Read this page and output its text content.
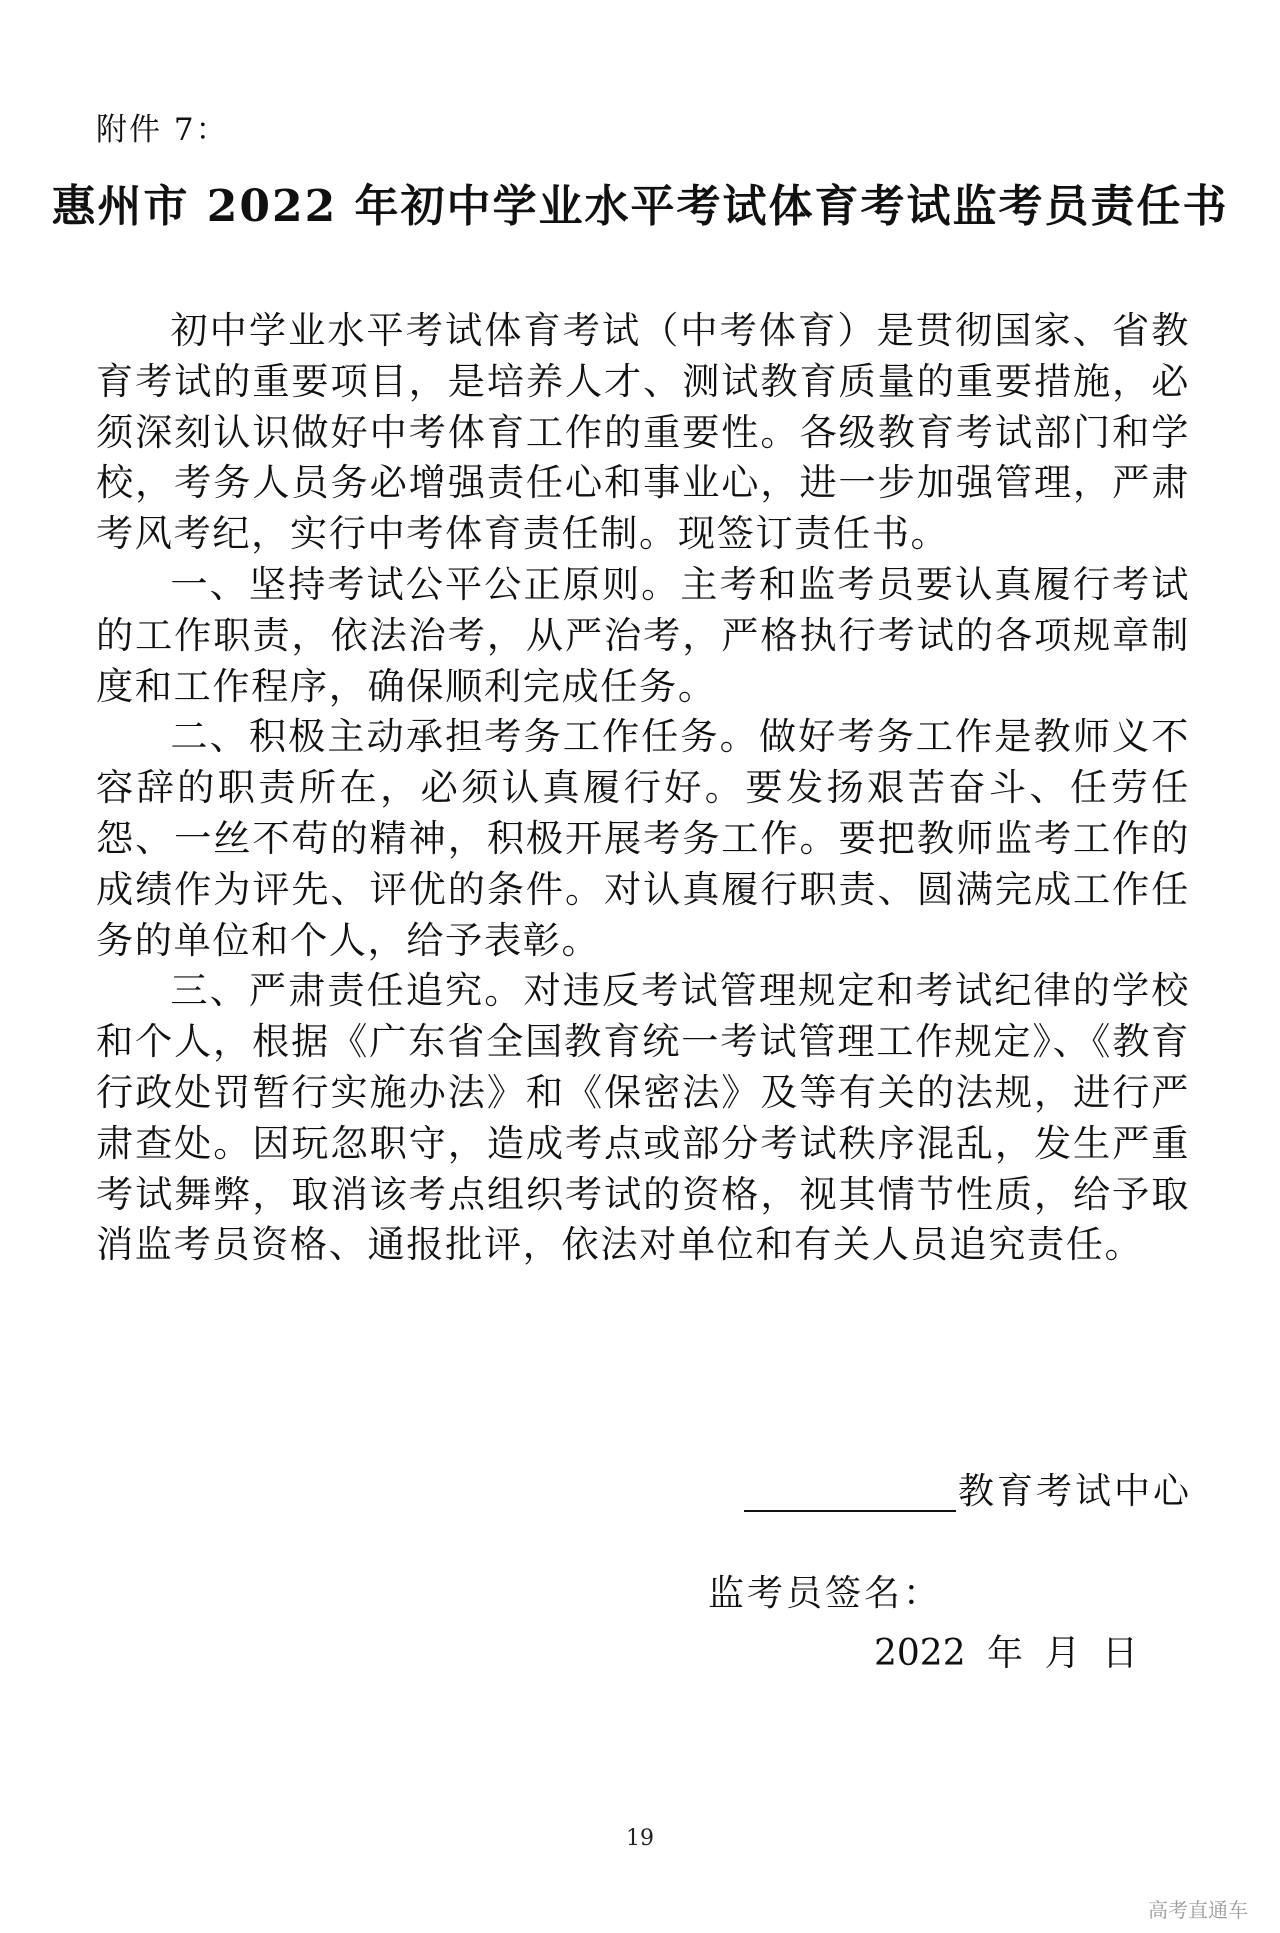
附件 7：
惠州市 2022 年初中学业水平考试体育考试监考员责任书

初中学业水平考试体育考试（中考体育）是贯彻国家、省教育考试的重要项目，是培养人才、测试教育质量的重要措施，必须深刻认识做好中考体育工作的重要性。各级教育考试部门和学校，考务人员务必增强责任心和事业心，进一步加强管理，严肃考风考纪，实行中考体育责任制。现签订责任书。

一、坚持考试公平公正原则。主考和监考员要认真履行考试的工作职责，依法治考，从严治考，严格执行考试的各项规章制度和工作程序，确保顺利完成任务。

二、积极主动承担考务工作任务。做好考务工作是教师义不容辞的职责所在，必须认真履行好。要发扬艰苦奋斗、任劳任怨、一丝不苟的精神，积极开展考务工作。要把教师监考工作的成绩作为评先、评优的条件。对认真履行职责、圆满完成工作任务的单位和个人，给予表彰。

三、严肃责任追究。对违反考试管理规定和考试纪律的学校和个人，根据《广东省全国教育统一考试管理工作规定》、《教育行政处罚暂行实施办法》和《保密法》及等有关的法规，进行严肃查处。因玩忽职守，造成考点或部分考试秩序混乱，发生严重考试舞弊，取消该考点组织考试的资格，视其情节性质，给予取消监考员资格、通报批评，依法对单位和有关人员追究责任。

教育考试中心
监考员签名：
2022 年 月 日
19
高考直通车
